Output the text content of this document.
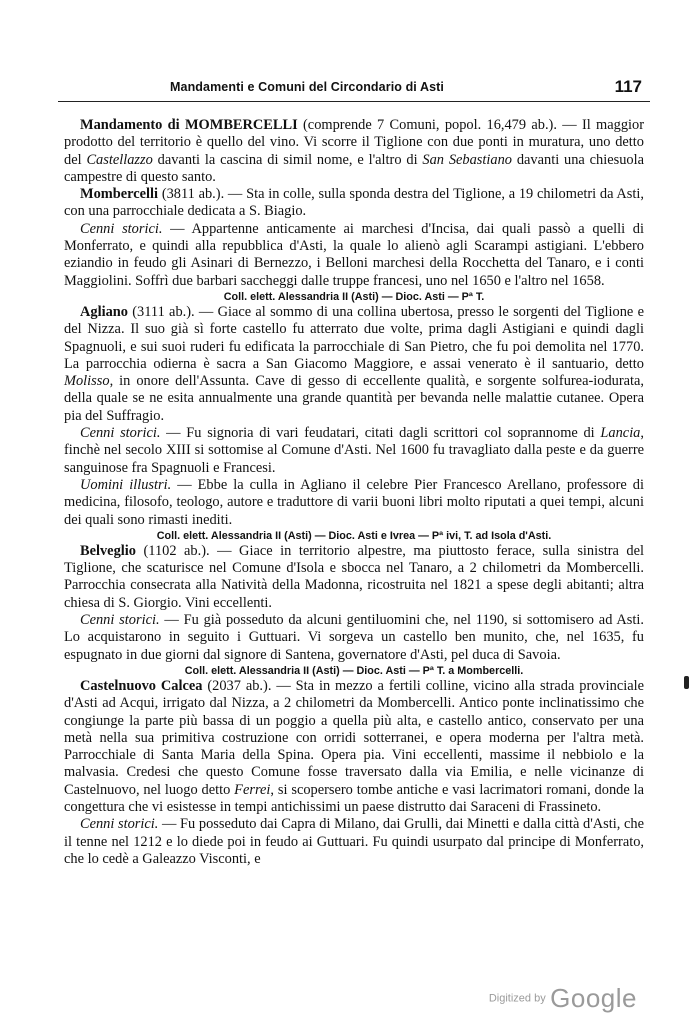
Mandamenti e Comuni del Circondario di Asti	117

Mandamento di MOMBERCELLI (comprende 7 Comuni, popol. 16,479 ab.). — Il maggior prodotto del territorio è quello del vino. Vi scorre il Tiglione con due ponti in muratura, uno detto del Castellazzo davanti la cascina di simil nome, e l'altro di San Sebastiano davanti una chiesuola campestre di questo santo.

Mombercelli (3811 ab.). — Sta in colle, sulla sponda destra del Tiglione, a 19 chilometri da Asti, con una parrocchiale dedicata a S. Biagio.

Cenni storici. — Appartenne anticamente ai marchesi d'Incisa, dai quali passò a quelli di Monferrato, e quindi alla repubblica d'Asti, la quale lo alienò agli Scarampi astigiani. L'ebbero eziandio in feudo gli Asinari di Bernezzo, i Belloni marchesi della Rocchetta del Tanaro, e i conti Maggiolini. Soffrì due barbari saccheggi dalle truppe francesi, uno nel 1650 e l'altro nel 1658.

Coll. elett. Alessandria II (Asti) — Dioc. Asti — Pª T.

Agliano (3111 ab.). — Giace al sommo di una collina ubertosa, presso le sorgenti del Tiglione e del Nizza. Il suo già sì forte castello fu atterrato due volte, prima dagli Astigiani e quindi dagli Spagnuoli, e sui suoi ruderi fu edificata la parrocchiale di San Pietro, che fu poi demolita nel 1770. La parrocchia odierna è sacra a San Giacomo Maggiore, e assai venerato è il santuario, detto Molisso, in onore dell'Assunta. Cave di gesso di eccellente qualità, e sorgente solfurea-iodurata, della quale se ne esita annualmente una grande quantità per bevanda nelle malattie cutanee. Opera pia del Suffragio.

Cenni storici. — Fu signoria di vari feudatari, citati dagli scrittori col soprannome di Lancia, finchè nel secolo XIII si sottomise al Comune d'Asti. Nel 1600 fu travagliato dalla peste e da guerre sanguinose fra Spagnuoli e Francesi.

Uomini illustri. — Ebbe la culla in Agliano il celebre Pier Francesco Arellano, professore di medicina, filosofo, teologo, autore e traduttore di varii buoni libri molto riputati a quei tempi, alcuni dei quali sono rimasti inediti.

Coll. elett. Alessandria II (Asti) — Dioc. Asti e Ivrea — Pª ivi, T. ad Isola d'Asti.

Belveglio (1102 ab.). — Giace in territorio alpestre, ma piuttosto ferace, sulla sinistra del Tiglione, che scaturisce nel Comune d'Isola e sbocca nel Tanaro, a 2 chilometri da Mombercelli. Parrocchia consecrata alla Natività della Madonna, ricostruita nel 1821 a spese degli abitanti; altra chiesa di S. Giorgio. Vini eccellenti.

Cenni storici. — Fu già posseduto da alcuni gentiluomini che, nel 1190, si sottomisero ad Asti. Lo acquistarono in seguito i Guttuari. Vi sorgeva un castello ben munito, che, nel 1635, fu espugnato in due giorni dal signore di Santena, governatore d'Asti, pel duca di Savoia.

Coll. elett. Alessandria II (Asti) — Dioc. Asti — Pª T. a Mombercelli.

Castelnuovo Calcea (2037 ab.). — Sta in mezzo a fertili colline, vicino alla strada provinciale d'Asti ad Acqui, irrigato dal Nizza, a 2 chilometri da Mombercelli. Antico ponte inclinatissimo che congiunge la parte più bassa di un poggio a quella più alta, e castello antico, conservato per una metà nella sua primitiva costruzione con orridi sotterranei, e opera moderna per l'altra metà. Parrocchiale di Santa Maria della Spina. Opera pia. Vini eccellenti, massime il nebbiolo e la malvasia. Credesi che questo Comune fosse traversato dalla via Emilia, e nelle vicinanze di Castelnuovo, nel luogo detto Ferrei, si scopersero tombe antiche e vasi lacrimatori romani, donde la congettura che vi esistesse in tempi antichissimi un paese distrutto dai Saraceni di Frassineto.

Cenni storici. — Fu posseduto dai Capra di Milano, dai Grulli, dai Minetti e dalla città d'Asti, che il tenne nel 1212 e lo diede poi in feudo ai Guttuari. Fu quindi usurpato dal principe di Monferrato, che lo cedè a Galeazzo Visconti, e

Digitized by Google
